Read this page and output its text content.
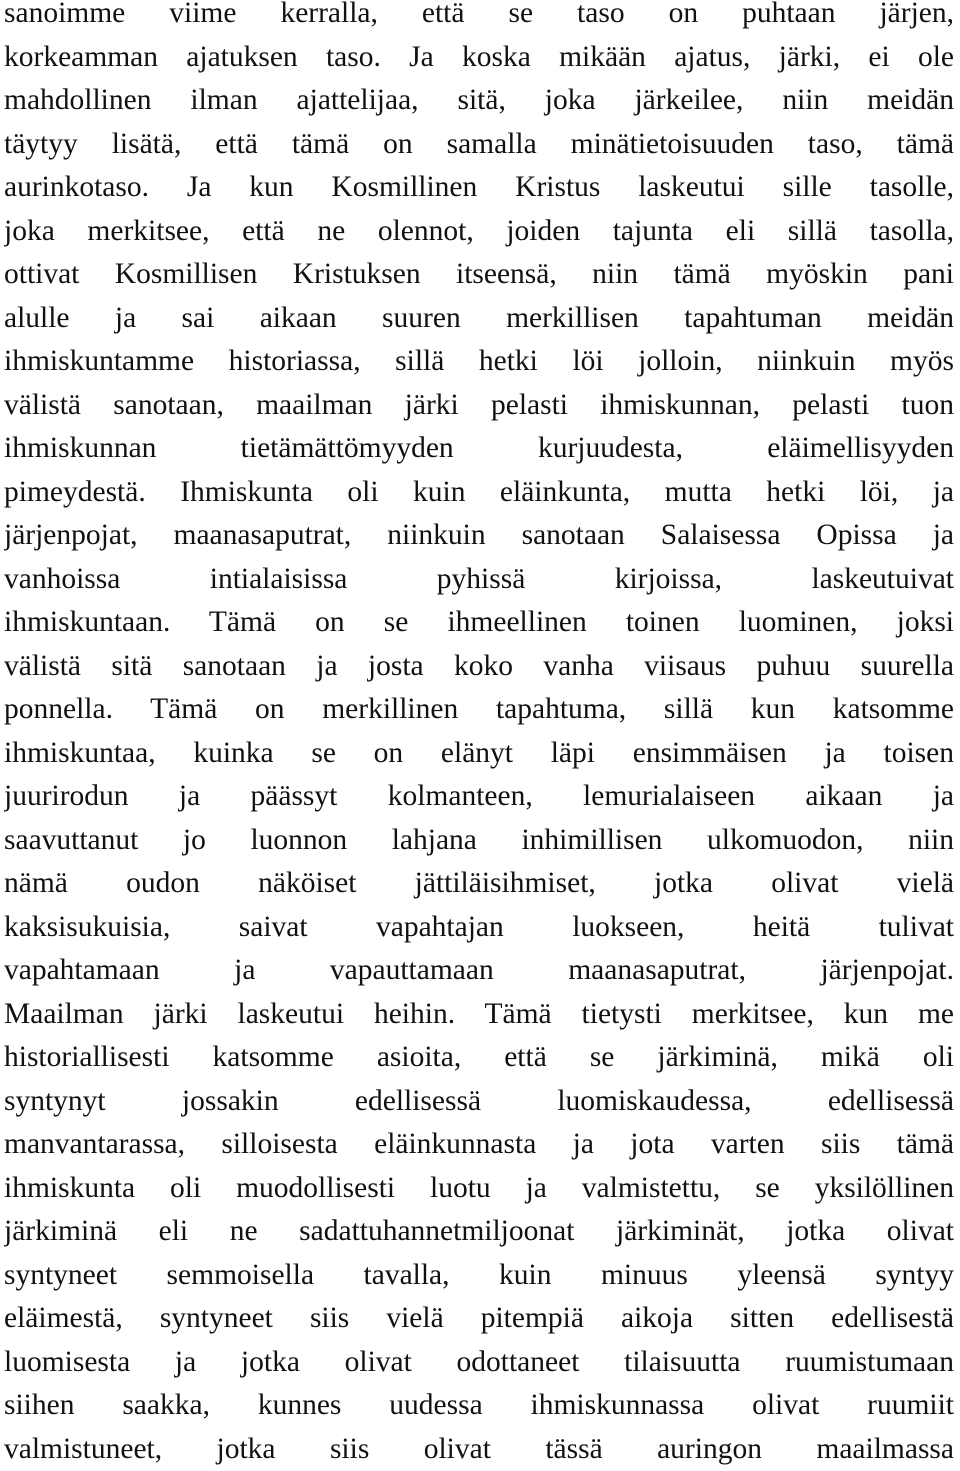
sanoimme viime kerralla, että se taso on puhtaan järjen,
korkeamman ajatuksen taso. Ja koska mikään ajatus, järki, ei ole
mahdollinen ilman ajattelijaa, sitä, joka järkeilee, niin meidän
täytyy lisätä, että tämä on samalla minätietoisuuden taso, tämä
aurinkotaso. Ja kun Kosmillinen Kristus laskeutui sille tasolle,
joka merkitsee, että ne olennot, joiden tajunta eli sillä tasolla,
ottivat Kosmillisen Kristuksen itseensä, niin tämä myöskin pani
alulle ja sai aikaan suuren merkillisen tapahtuman meidän
ihmiskuntamme historiassa, sillä hetki löi jolloin, niinkuin myös
välistä sanotaan, maailman järki pelasti ihmiskunnan, pelasti tuon
ihmiskunnan tietämättömyyden kurjuudesta, eläimellisyyden
pimeydestä. Ihmiskunta oli kuin eläinkunta, mutta hetki löi, ja
järjenpojat, maanasaputrat, niinkuin sanotaan Salaisessa Opissa ja
vanhoissa intialaisissa pyhissä kirjoissa, laskeutuivat
ihmiskuntaan. Tämä on se ihmeellinen toinen luominen, joksi
välistä sitä sanotaan ja josta koko vanha viisaus puhuu suurella
ponnella. Tämä on merkillinen tapahtuma, sillä kun katsomme
ihmiskuntaa, kuinka se on elänyt läpi ensimmäisen ja toisen
juurirodun ja päässyt kolmanteen, lemurialaiseen aikaan ja
saavuttanut jo luonnon lahjana inhimillisen ulkomuodon, niin
nämä oudon näköiset jättiläisihmiset, jotka olivat vielä
kaksisukuisia, saivat vapahtajan luokseen, heitä tulivat
vapahtamaan ja vapauttamaan maanasaputrat, järjenpojat.
Maailman järki laskeutui heihin. Tämä tietysti merkitsee, kun me
historiallisesti katsomme asioita, että se järkiminä, mikä oli
syntynyt jossakin edellisessä luomiskaudessa, edellisessä
manvantarassa, silloisesta eläinkunnasta ja jota varten siis tämä
ihmiskunta oli muodollisesti luotu ja valmistettu, se yksilöllinen
järkiminä eli ne sadattuhannetmiljoonat järkiminät, jotka olivat
syntyneet semmoisella tavalla, kuin minuus yleensä syntyy
eläimestä, syntyneet siis vielä pitempiä aikoja sitten edellisestä
luomisesta ja jotka olivat odottaneet tilaisuutta ruumistumaan
siihen saakka, kunnes uudessa ihmiskunnassa olivat ruumiit
valmistuneet, jotka siis olivat tässä auringon maailmassa
